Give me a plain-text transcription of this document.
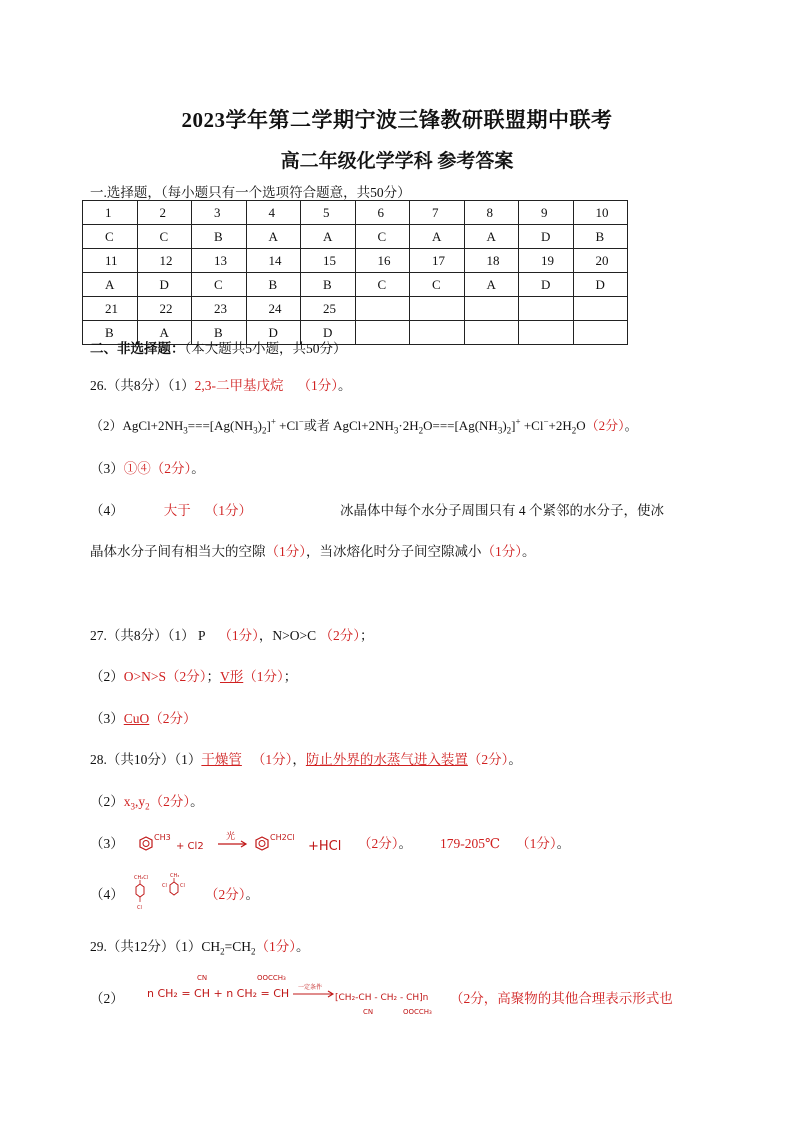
2023学年第二学期宁波三锋教研联盟期中联考
高二年级化学学科 参考答案
一.选择题，（每小题只有一个选项符合题意，共50分）
1	2	3	4	5	6	7	8	9	10
C	C	B	A	A	C	A	A	D	B
11	12	13	14	15	16	17	18	19	20
A	D	C	B	B	C	C	A	D	D
21	22	23	24	25					
B	A	B	D	D					
二、非选择题：（本大题共5小题，共50分）
26.（共8分）（1）2,3-二甲基戊烷 （1分）。
$(2)AgCl+2NH_3===[Ag(NH_3)_2]^+ +Cl^-$或者 $AgCl+2NH_3\cdot 2H_2O===[Ag(NH_3)_2]^+ +Cl^-+2H_2O(2$分）。
（3）①④（2分）。
（4）	大于 （1分）	冰晶体中每个水分子周围只有 4 个紧邻的水分子，使冰
晶体水分子间有相当大的空隙（1分），当冰熔化时分子间空隙减小（1分）。
27.（共8分）（1） P （1分），N>O>C （2分）；
（2）O>N>S（2分）；V形（1分）；
（3）CuO（2分）
28.（共10分）（1）干燥管 （1分），防止外界的水蒸气进入装置（2分）。
$(2)x_3,y_2(2$分）。
（3）	CH3
+ Cl2
光	CH2Cl
+HCl （2分）。 179-205℃ （1分）。
（4）
CH₂Cl
Cl
CH₃
Cl
Cl
（2分）。
29.（共12分）$(1)CH_2=CH_2(1$分）。
（2） n CH₂ = CH + n CH₂ = CH
CN	OOCCH₃
一定条件
[CH₂-CH - CH₂ - CH]n
CN	OOCCH₃
（2分，高聚物的其他合理表示形式也
